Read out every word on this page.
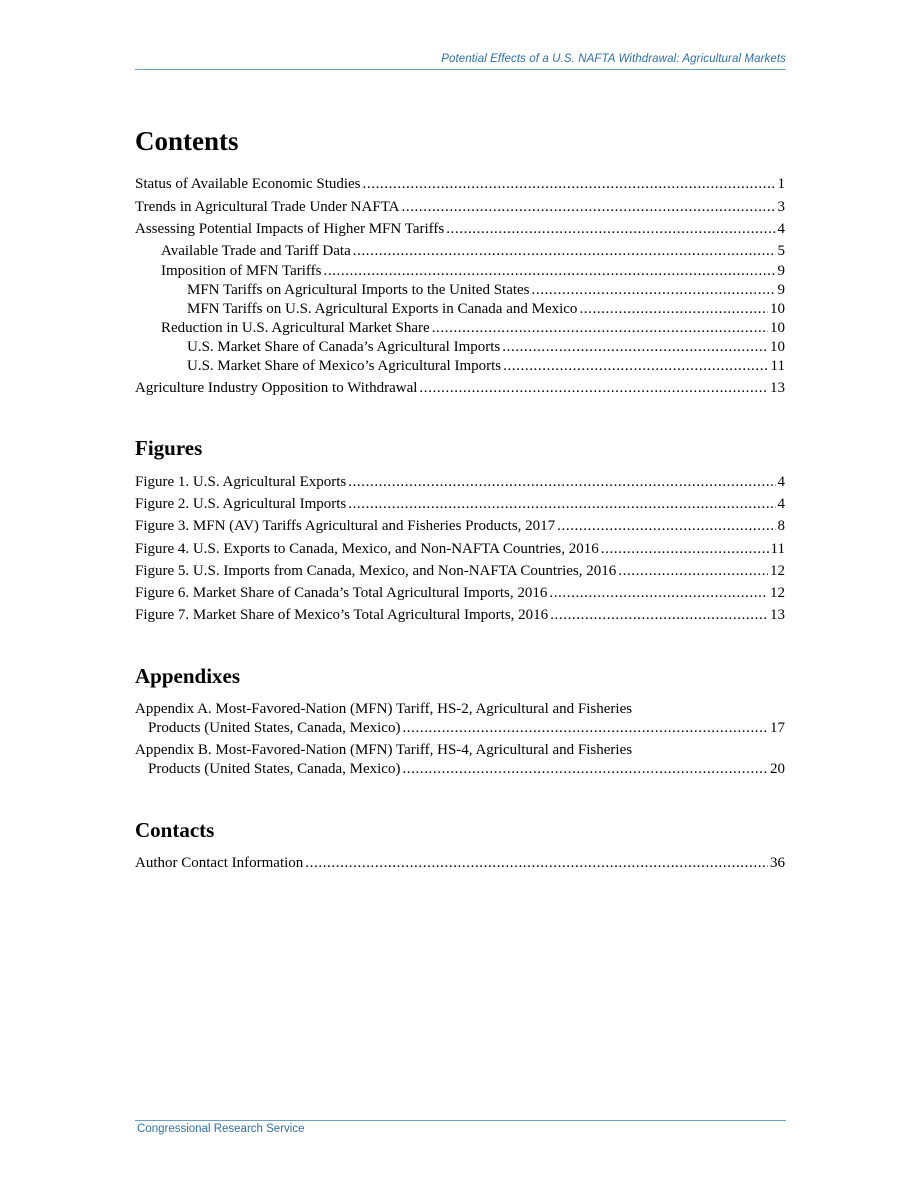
Potential Effects of a U.S. NAFTA Withdrawal: Agricultural Markets
Contents
Status of Available Economic Studies .....	1
Trends in Agricultural Trade Under NAFTA .....	3
Assessing Potential Impacts of Higher MFN Tariffs .....	4
Available Trade and Tariff Data .....	5
Imposition of MFN Tariffs .....	9
MFN Tariffs on Agricultural Imports to the United States .....	9
MFN Tariffs on U.S. Agricultural Exports in Canada and Mexico .....	10
Reduction in U.S. Agricultural Market Share .....	10
U.S. Market Share of Canada’s Agricultural Imports .....	10
U.S. Market Share of Mexico’s Agricultural Imports .....	11
Agriculture Industry Opposition to Withdrawal .....	13
Figures
Figure 1. U.S. Agricultural Exports .....	4
Figure 2. U.S. Agricultural Imports .....	4
Figure 3. MFN (AV) Tariffs Agricultural and Fisheries Products, 2017 .....	8
Figure 4. U.S. Exports to Canada, Mexico, and Non-NAFTA Countries, 2016 .....	11
Figure 5. U.S. Imports from Canada, Mexico, and Non-NAFTA Countries, 2016 .....	12
Figure 6. Market Share of Canada’s Total Agricultural Imports, 2016 .....	12
Figure 7. Market Share of Mexico’s Total Agricultural Imports, 2016 .....	13
Appendixes
Appendix A. Most-Favored-Nation (MFN) Tariff, HS-2, Agricultural and Fisheries
Products (United States, Canada, Mexico) .....	17
Appendix B. Most-Favored-Nation (MFN) Tariff, HS-4, Agricultural and Fisheries
Products (United States, Canada, Mexico) .....	20
Contacts
Author Contact Information .....	36
Congressional Research Service
